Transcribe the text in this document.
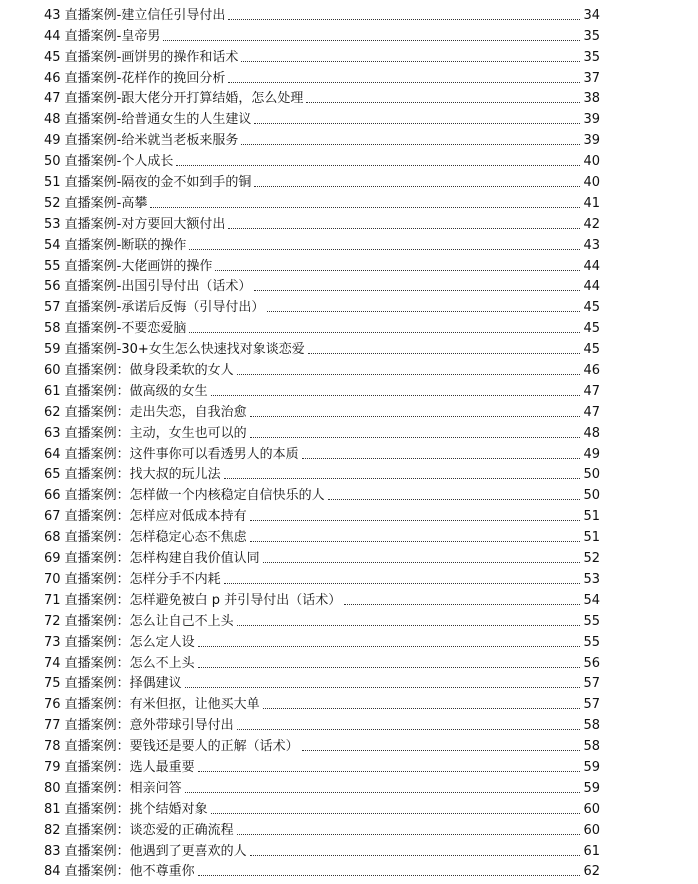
43 直播案例-建立信任引导付出	34
44 直播案例-皇帝男	35
45 直播案例-画饼男的操作和话术	35
46 直播案例-花样作的挽回分析	37
47 直播案例-跟大佬分开打算结婚，怎么处理	38
48 直播案例-给普通女生的人生建议	39
49 直播案例-给米就当老板来服务	39
50 直播案例-个人成长	40
51 直播案例-隔夜的金不如到手的铜	40
52 直播案例-高攀	41
53 直播案例-对方要回大额付出	42
54 直播案例-断联的操作	43
55 直播案例-大佬画饼的操作	44
56 直播案例-出国引导付出（话术）	44
57 直播案例-承诺后反悔（引导付出）	45
58 直播案例-不要恋爱脑	45
59 直播案例-30+女生怎么快速找对象谈恋爱	45
60 直播案例：做身段柔软的女人	46
61 直播案例：做高级的女生	47
62 直播案例：走出失恋，自我治愈	47
63 直播案例：主动，女生也可以的	48
64 直播案例：这件事你可以看透男人的本质	49
65 直播案例：找大叔的玩儿法	50
66 直播案例：怎样做一个内核稳定自信快乐的人	50
67 直播案例：怎样应对低成本持有	51
68 直播案例：怎样稳定心态不焦虑	51
69 直播案例：怎样构建自我价值认同	52
70 直播案例：怎样分手不内耗	53
71 直播案例：怎样避免被白 p 并引导付出（话术）	54
72 直播案例：怎么让自己不上头	55
73 直播案例：怎么定人设	55
74 直播案例：怎么不上头	56
75 直播案例：择偶建议	57
76 直播案例：有米但抠，让他买大单	57
77 直播案例：意外带球引导付出	58
78 直播案例：要钱还是要人的正解（话术）	58
79 直播案例：选人最重要	59
80 直播案例：相亲问答	59
81 直播案例：挑个结婚对象	60
82 直播案例：谈恋爱的正确流程	60
83 直播案例：他遇到了更喜欢的人	61
84 直播案例：他不尊重你	62
